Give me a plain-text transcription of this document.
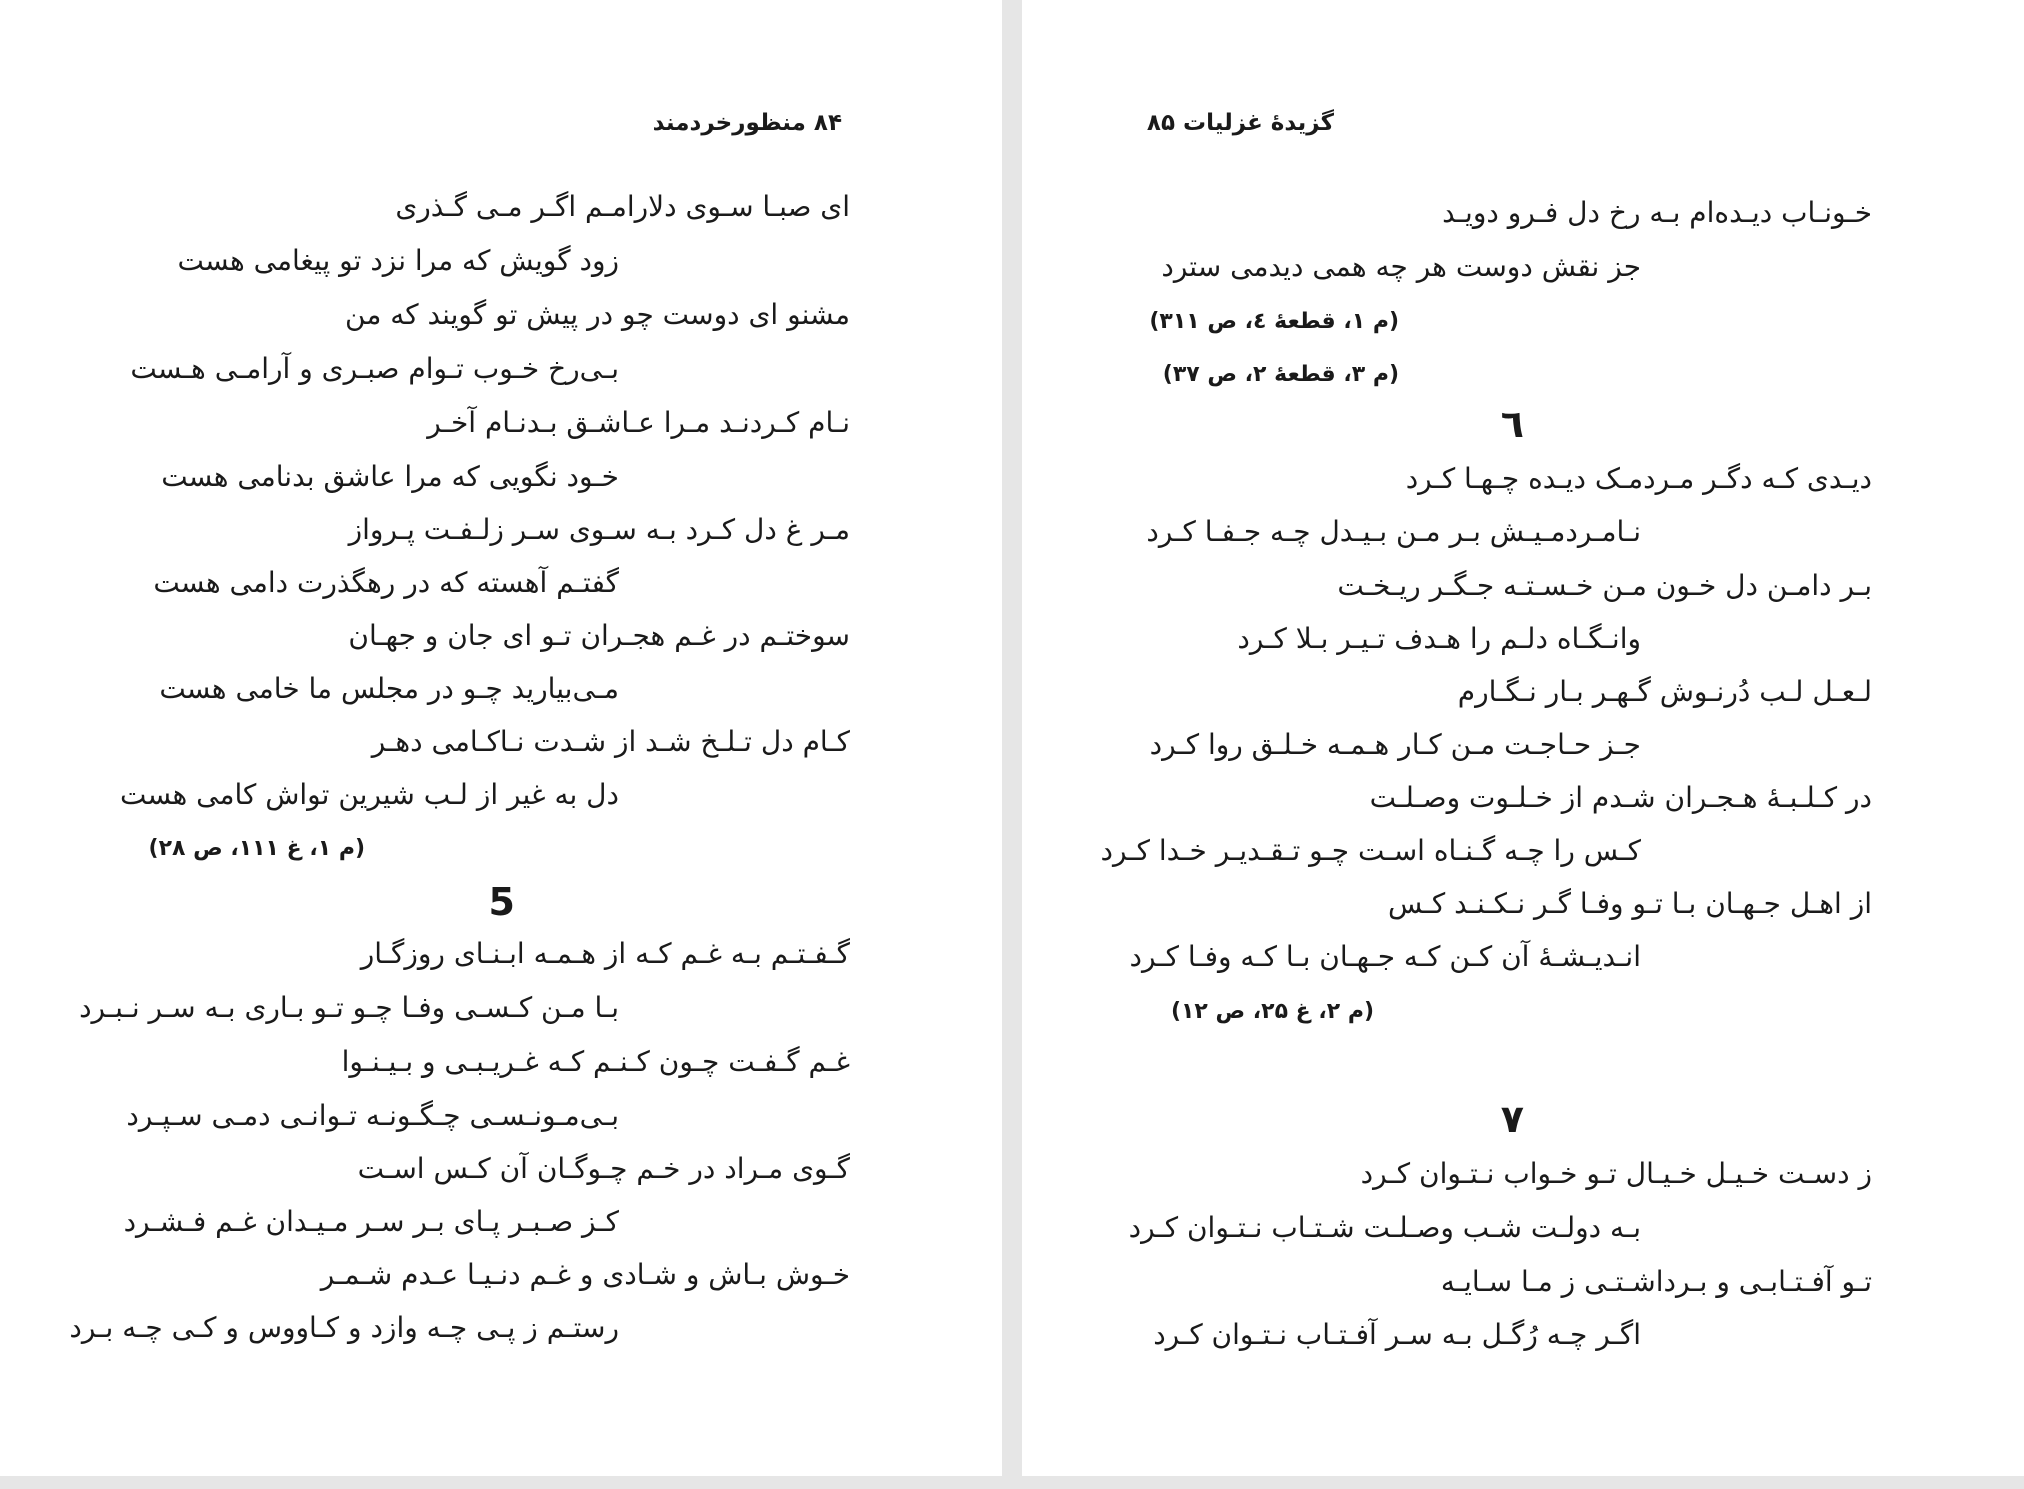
۸۴ منظورخردمند
ای صبـا سـوی دلارامـم اگـر مـی گـذری
زود گویش که مرا نزد تو پیغامی هست
مشنو ای دوست چو در پیش تو گویند که من
بـی‌رخ خـوب تـوام صبـری و آرامـی هـست
نـام کـردنـد مـرا عـاشـق بـدنـام آخـر
خـود نگویی که مرا عاشق بدنامی هست
مـر غ دل کـرد بـه سـوی سـر زلـفـت پـرواز
گفتـم آهسته که در رهگذرت دامی هست
سوختـم در غـم هجـران تـو ای جان و جهـان
مـی‌بیارید چـو در مجلس ما خامی هست
کـام دل تـلـخ شـد از شـدت نـاکـامی دهـر
دل به غیر از لـب شیرین تواش کامی هست
(م ۱، غ ۱۱۱، ص ۲۸)
5
گـفـتـم بـه غـم کـه از هـمـه ابـنـای روزگـار
بـا مـن کـسـی وفـا چـو تـو بـاری بـه سـر نـبـرد
غـم گـفـت چـون کـنـم کـه غـریـبـی و بـیـنـوا
بـی‌مـونـسـی چـگـونـه تـوانـی دمـی سـپـرد
گـوی مـراد در خـم چـوگـان آن کـس اسـت
کـز صـبـر پـای بـر سـر مـیـدان غـم فـشـرد
خـوش بـاش و شـادی و غـم دنـیـا عـدم شـمـر
رستـم ز پـی چـه وازد و کـاووس و کـی چـه بـرد
گزیدهٔ غزلیات ۸۵
خـونـاب دیـده‌ام بـه رخ دل فـرو دویـد
جز نقش دوست هر چه همی دیدمی سترد
(م ۱، قطعهٔ ٤، ص ۳۱۱)
(م ۳، قطعهٔ ۲، ص ۳۷)
٦
دیـدی کـه دگـر مـردمـک دیـده چـهـا کـرد
نـامـردمـیـش بـر مـن بـیـدل چـه جـفـا کـرد
بـر دامـن دل خـون مـن خـسـتـه جـگـر ریـخـت
وانـگـاه دلـم را هـدف تـیـر بـلا کـرد
لـعـل لـب دُرنـوش گـهـر بـار نـگـارم
جـز حـاجـت مـن کـار هـمـه خـلـق روا کـرد
در کـلـبـهٔ هـجـران شـدم از خـلـوت وصـلـت
کـس را چـه گـنـاه اسـت چـو تـقـدیـر خـدا کـرد
از اهـل جـهـان بـا تـو وفـا گـر نـکـنـد کـس
انـدیـشـهٔ آن کـن کـه جـهـان بـا کـه وفـا کـرد
(م ۲، غ ۲۵، ص ۱۲)
۷
ز دسـت خـیـل خـیـال تـو خـواب نـتـوان کـرد
بـه دولـت شـب وصـلـت شـتـاب نـتـوان کـرد
تـو آفـتـابـی و بـرداشـتـی ز مـا سـایـه
اگـر چـه رُگـل بـه سـر آفـتـاب نـتـوان کـرد
